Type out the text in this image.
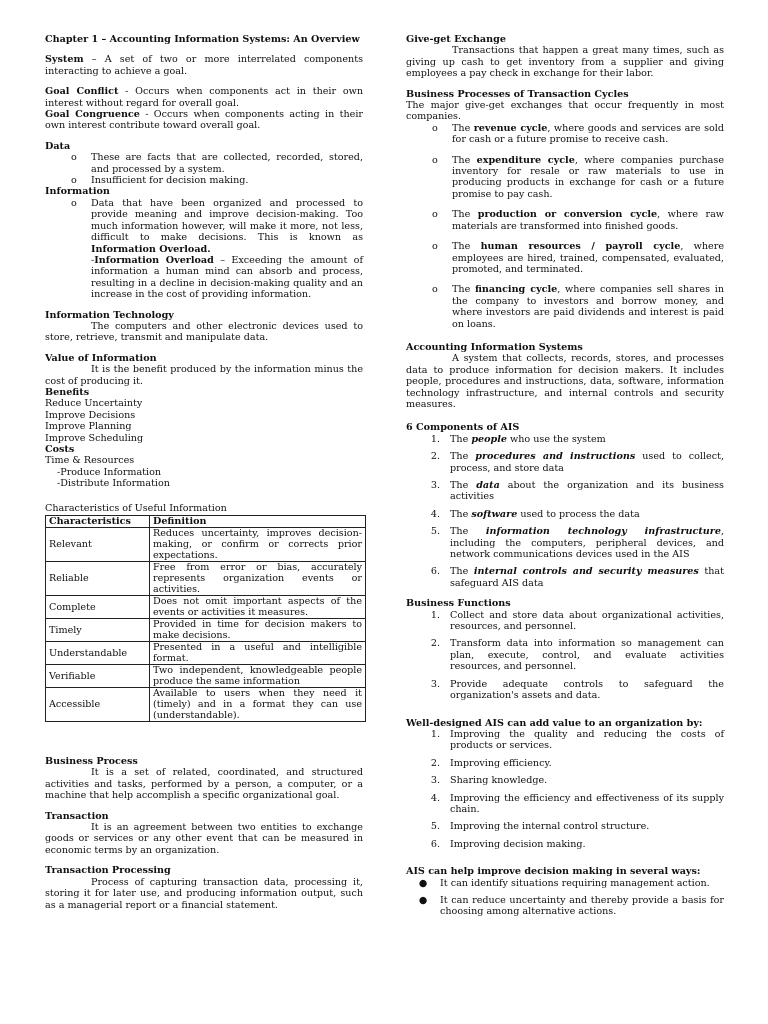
Chapter 1 – Accounting Information Systems: An Overview
System – A set of two or more interrelated components interacting to achieve a goal.
Goal Conflict - Occurs when components act in their own interest without regard for overall goal.
Goal Congruence - Occurs when components acting in their own interest contribute toward overall goal.
Data
o	These are facts that are collected, recorded, stored, and processed by a system.
o	Insufficient for decision making.
Information
o	Data that have been organized and processed to provide meaning and improve decision-making. Too much information however, will make it more, not less, difficult to make decisions. This is known as Information Overload.
-Information Overload – Exceeding the amount of information a human mind can absorb and process, resulting in a decline in decision-making quality and an increase in the cost of providing information.
Information Technology
The computers and other electronic devices used to store, retrieve, transmit and manipulate data.
Value of Information
It is the benefit produced by the information minus the cost of producing it.
Benefits
Reduce Uncertainty
Improve Decisions
Improve Planning
Improve Scheduling
Costs
Time & Resources
-Produce Information
-Distribute Information
Characteristics of Useful Information
Characteristics	Definition
Relevant	Reduces uncertainty, improves decision-making, or confirm or corrects prior expectations.
Reliable	Free from error or bias, accurately represents organization events or activities.
Complete	Does not omit important aspects of the events or activities it measures.
Timely	Provided in time for decision makers to make decisions.
Understandable	Presented in a useful and intelligible format.
Verifiable	Two independent, knowledgeable people produce the same information
Accessible	Available to users when they need it (timely) and in a format they can use (understandable).
Business Process
It is a set of related, coordinated, and structured activities and tasks, performed by a person, a computer, or a machine that help accomplish a specific organizational goal.
Transaction
It is an agreement between two entities to exchange goods or services or any other event that can be measured in economic terms by an organization.
Transaction Processing
Process of capturing transaction data, processing it, storing it for later use, and producing information output, such as a managerial report or a financial statement.
Give-get Exchange
Transactions that happen a great many times, such as giving up cash to get inventory from a supplier and giving employees a pay check in exchange for their labor.
Business Processes of Transaction Cycles
The major give-get exchanges that occur frequently in most companies.
o	The revenue cycle, where goods and services are sold for cash or a future promise to receive cash.
o	The expenditure cycle, where companies purchase inventory for resale or raw materials to use in producing products in exchange for cash or a future promise to pay cash.
o	The production or conversion cycle, where raw materials are transformed into finished goods.
o	The human resources / payroll cycle, where employees are hired, trained, compensated, evaluated, promoted, and terminated.
o	The financing cycle, where companies sell shares in the company to investors and borrow money, and where investors are paid dividends and interest is paid on loans.
Accounting Information Systems
A system that collects, records, stores, and processes data to produce information for decision makers. It includes people, procedures and instructions, data, software, information technology infrastructure, and internal controls and security measures.
6 Components of AIS
1.	The people who use the system
2.	The procedures and instructions used to collect, process, and store data
3.	The data about the organization and its business activities
4.	The software used to process the data
5.	The information technology infrastructure, including the computers, peripheral devices, and network communications devices used in the AIS
6.	The internal controls and security measures that safeguard AIS data
Business Functions
1.	Collect and store data about organizational activities, resources, and personnel.
2.	Transform data into information so management can plan, execute, control, and evaluate activities resources, and personnel.
3.	Provide adequate controls to safeguard the organization's assets and data.
Well-designed AIS can add value to an organization by:
1.	Improving the quality and reducing the costs of products or services.
2.	Improving efficiency.
3.	Sharing knowledge.
4.	Improving the efficiency and effectiveness of its supply chain.
5.	Improving the internal control structure.
6.	Improving decision making.
AIS can help improve decision making in several ways:
●	It can identify situations requiring management action.
●	It can reduce uncertainty and thereby provide a basis for choosing among alternative actions.
